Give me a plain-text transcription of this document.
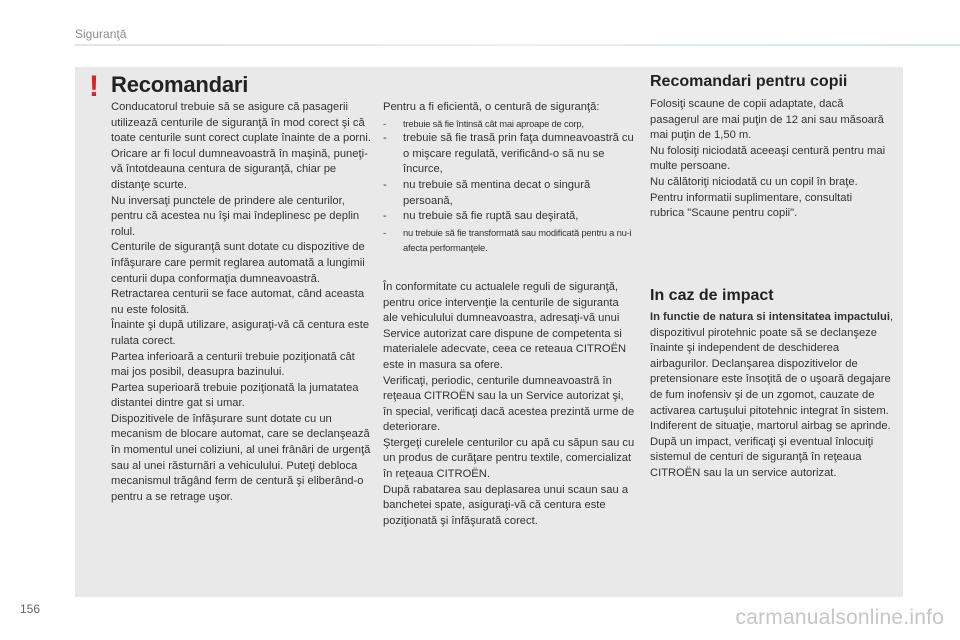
Siguranţă
! Recomandari

Conducatorul trebuie să se asigure că pasagerii utilizează centurile de siguranţă în mod corect şi că toate centurile sunt corect cuplate înainte de a porni.

Oricare ar fi locul dumneavoastră în maşină, puneţi-vă întotdeauna centura de siguranţă, chiar pe distanţe scurte.

Nu inversaţi punctele de prindere ale centurilor, pentru că acestea nu îşi mai îndeplinesc pe deplin rolul.

Centurile de siguranţă sunt dotate cu dispozitive de înfăşurare care permit reglarea automată a lungimii centurii dupa conformaţia dumneavoastră. Retractarea centurii se face automat, când aceasta nu este folosită.

Înainte şi după utilizare, asiguraţi-vă că centura este rulata corect.

Partea inferioară a centurii trebuie poziţionată cât mai jos posibil, deasupra bazinului.

Partea superioară trebuie poziţionată la jumatatea distantei dintre gat si umar.

Dispozitivele de înfăşurare sunt dotate cu un mecanism de blocare automat, care se declanşează în momentul unei coliziuni, al unei frânări de urgenţă sau al unei răsturnări a vehiculului. Puteţi debloca mecanismul trăgând ferm de centură şi eliberând-o pentru a se retrage uşor.

Pentru a fi eficientă, o centură de siguranţă:

- trebuie să fie întinsă cât mai aproape de corp,
- trebuie să fie trasă prin faţa dumneavoastră cu o mişcare regulată, verificând-o să nu se încurce,
- nu trebuie să mentina decat o singură persoană,
- nu trebuie să fie ruptă sau deşirată,
- nu trebuie să fie transformată sau modificată pentru a nu-i afecta performanţele.

În conformitate cu actualele reguli de siguranţă, pentru orice intervenţie la centurile de siguranta ale vehiculului dumneavoastra, adresaţi-vă unui Service autorizat care dispune de competenta si materialele adecvate, ceea ce reteaua CITROËN este in masura sa ofere.

Verificaţi, periodic, centurile dumneavoastră în reţeaua CITROËN sau la un Service autorizat şi, în special, verificaţi dacă acestea prezintă urme de deteriorare.

Ştergeţi curelele centurilor cu apă cu săpun sau cu un produs de curăţare pentru textile, comercializat în reţeaua CITROËN.

După rabatarea sau deplasarea unui scaun sau a banchetei spate, asiguraţi-vă că centura este poziţionată şi înfăşurată corect.

Recomandari pentru copii

Folosiţi scaune de copii adaptate, dacă pasagerul are mai puţin de 12 ani sau măsoară mai puţin de 1,50 m.

Nu folosiţi niciodată aceeaşi centură pentru mai multe persoane.

Nu călătoriţi niciodată cu un copil în braţe.

Pentru informatii suplimentare, consultati rubrica "Scaune pentru copii".

In caz de impact

In functie de natura si intensitatea impactului, dispozitivul pirotehnic poate să se declanşeze înainte şi independent de deschiderea airbagurilor. Declanşarea dispozitivelor de pretensionare este însoţită de o uşoară degajare de fum inofensiv şi de un zgomot, cauzate de activarea cartuşului pitotehnic integrat în sistem.

Indiferent de situaţie, martorul airbag se aprinde.

După un impact, verificaţi şi eventual înlocuiţi sistemul de centuri de siguranţă în reţeaua CITROËN sau la un service autorizat.

156	carmanualsonline.info
